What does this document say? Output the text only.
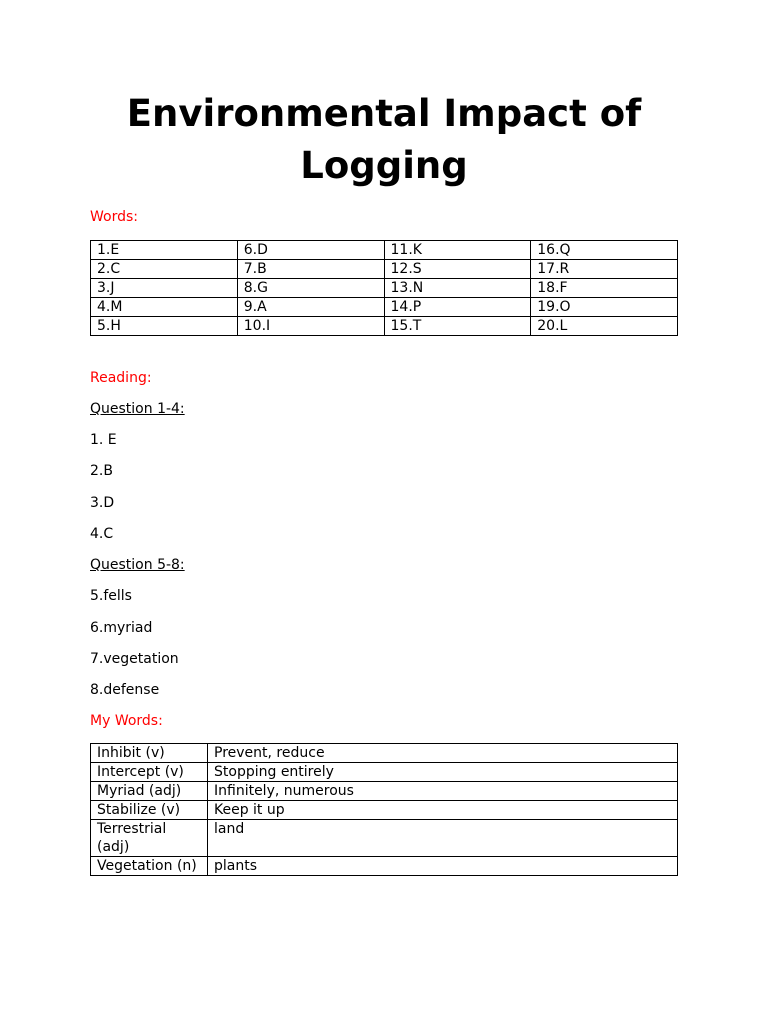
Environmental Impact of Logging
Words:
1.E	6.D	11.K	16.Q
2.C	7.B	12.S	17.R
3.J	8.G	13.N	18.F
4.M	9.A	14.P	19.O
5.H	10.I	15.T	20.L
Reading:
Question 1-4:
1. E
2.B
3.D
4.C
Question 5-8:
5.fells
6.myriad
7.vegetation
8.defense
My Words:
Inhibit (v)	Prevent, reduce
Intercept (v)	Stopping entirely
Myriad (adj)	Infinitely, numerous
Stabilize (v)	Keep it up
Terrestrial (adj)	land
Vegetation (n)	plants
